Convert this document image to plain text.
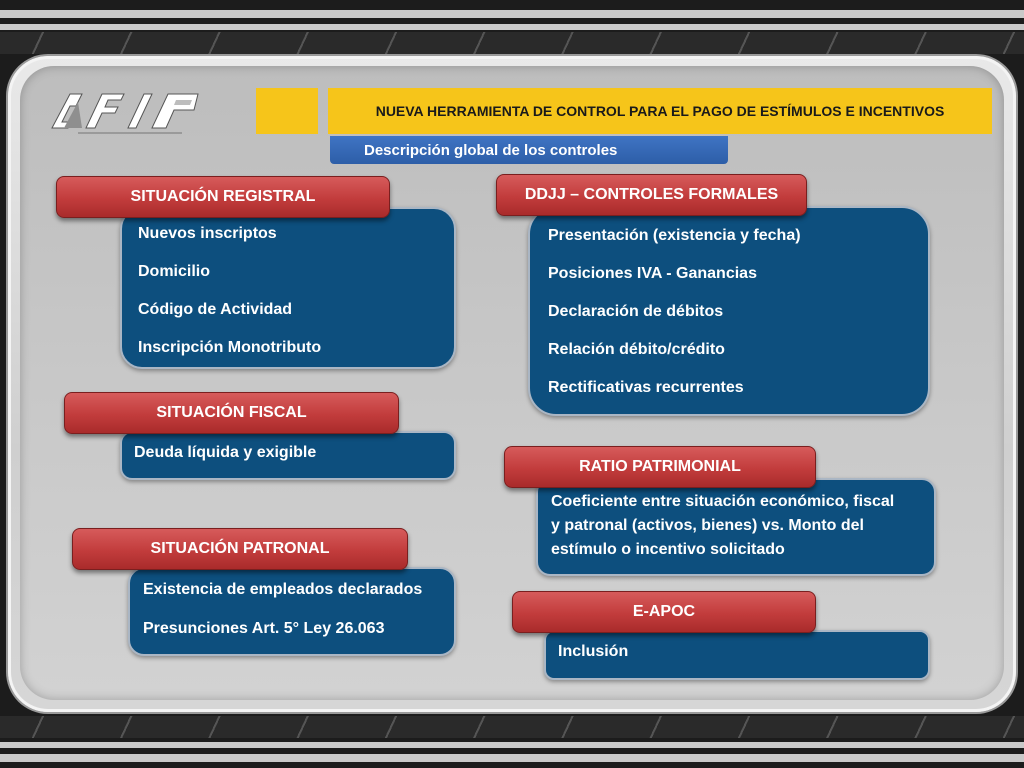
NUEVA HERRAMIENTA DE CONTROL PARA EL PAGO DE ESTÍMULOS E INCENTIVOS
Descripción global de los controles
Nuevos inscriptos
Domicilio
Código de Actividad
Inscripción Monotributo
SITUACIÓN REGISTRAL
Deuda líquida y exigible
SITUACIÓN FISCAL
Existencia de empleados declarados
Presunciones Art. 5° Ley 26.063
SITUACIÓN PATRONAL
Presentación (existencia y fecha)
Posiciones IVA - Ganancias
Declaración de débitos
Relación débito/crédito
Rectificativas recurrentes
DDJJ – CONTROLES FORMALES
Coeficiente entre situación económico, fiscal
y patronal (activos, bienes) vs. Monto del
estímulo o incentivo solicitado
RATIO PATRIMONIAL
Inclusión
E-APOC
